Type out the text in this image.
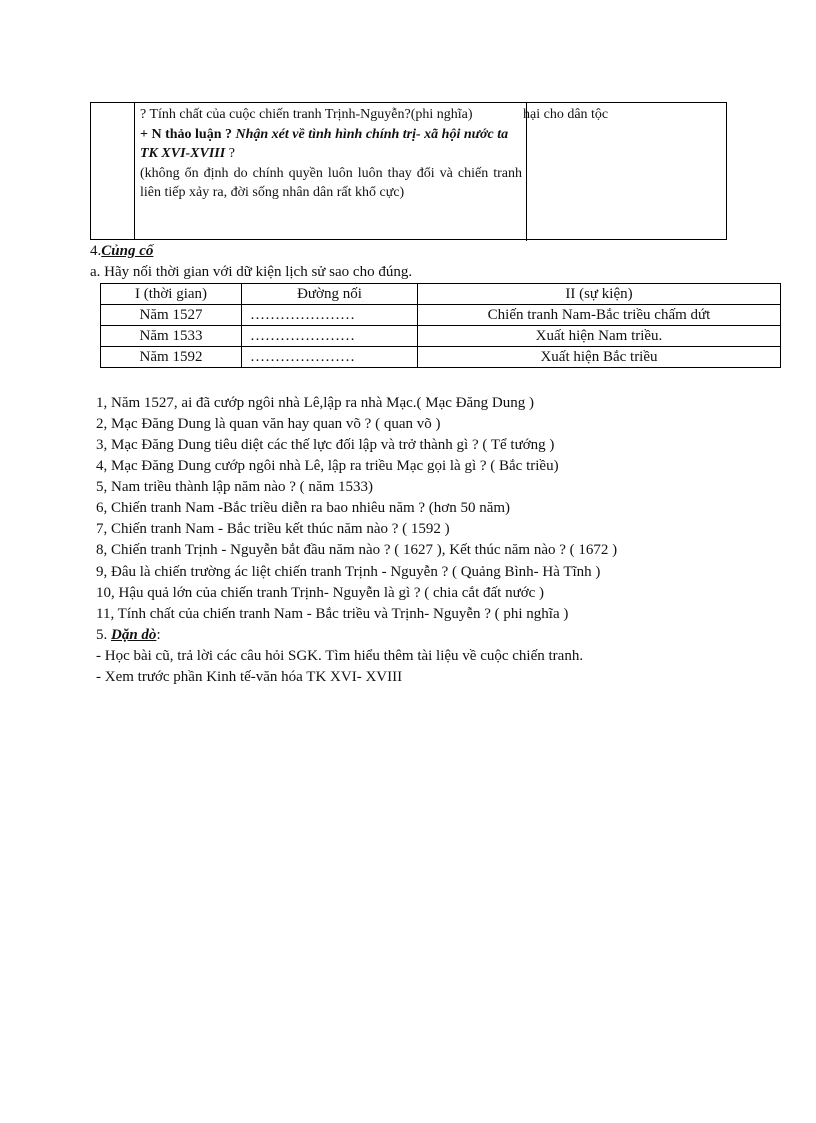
? Tính chất của cuộc chiến tranh Trịnh-Nguyễn?(phi nghĩa)

+ N thảo luận ? Nhận xét về tình hình chính trị- xã hội nước ta TK XVI-XVIII ?

(không ổn định do chính quyền luôn luôn thay đổi và chiến tranh liên tiếp xảy ra, đời sống nhân dân rất khổ cực)

hại cho dân tộc

4.Củng cố
a. Hãy nối thời gian với dữ kiện lịch sử sao cho đúng.
I (thời gian)	Đường nối	II (sự kiện)
Năm 1527	…………………	Chiến tranh Nam-Bắc triều chấm dứt
Năm 1533	…………………	Xuất hiện Nam triều.
Năm 1592	…………………	Xuất hiện Bắc triều
1, Năm 1527, ai đã cướp ngôi nhà Lê,lập ra nhà Mạc.( Mạc Đăng Dung )
2, Mạc Đăng Dung là quan văn hay quan võ ? ( quan võ )
3, Mạc Đăng Dung tiêu diệt các thế lực đối lập và trở thành gì ? ( Tể tướng )
4, Mạc Đăng Dung cướp ngôi nhà Lê, lập ra triều Mạc gọi là gì ? ( Bắc triều)
5, Nam triều thành lập năm nào ? ( năm 1533)
6, Chiến tranh Nam -Bắc triều diễn ra bao nhiêu năm ? (hơn 50 năm)
7, Chiến tranh Nam - Bắc triều kết thúc năm nào ? ( 1592 )
8, Chiến tranh Trịnh - Nguyễn bắt đầu năm nào ? ( 1627 ), Kết thúc năm nào ? ( 1672 )
9, Đâu là chiến trường ác liệt chiến tranh Trịnh - Nguyễn ? ( Quảng Bình- Hà Tĩnh )
10, Hậu quả lớn của chiến tranh Trịnh- Nguyễn là gì ? ( chia cắt đất nước )
11, Tính chất của chiến tranh Nam - Bắc triều và Trịnh- Nguyễn ? ( phi nghĩa )
5. Dặn dò:
- Học bài cũ, trả lời các câu hỏi SGK. Tìm hiểu thêm tài liệu về cuộc chiến tranh.
- Xem trước phần Kinh tế-văn hóa TK XVI- XVIII
